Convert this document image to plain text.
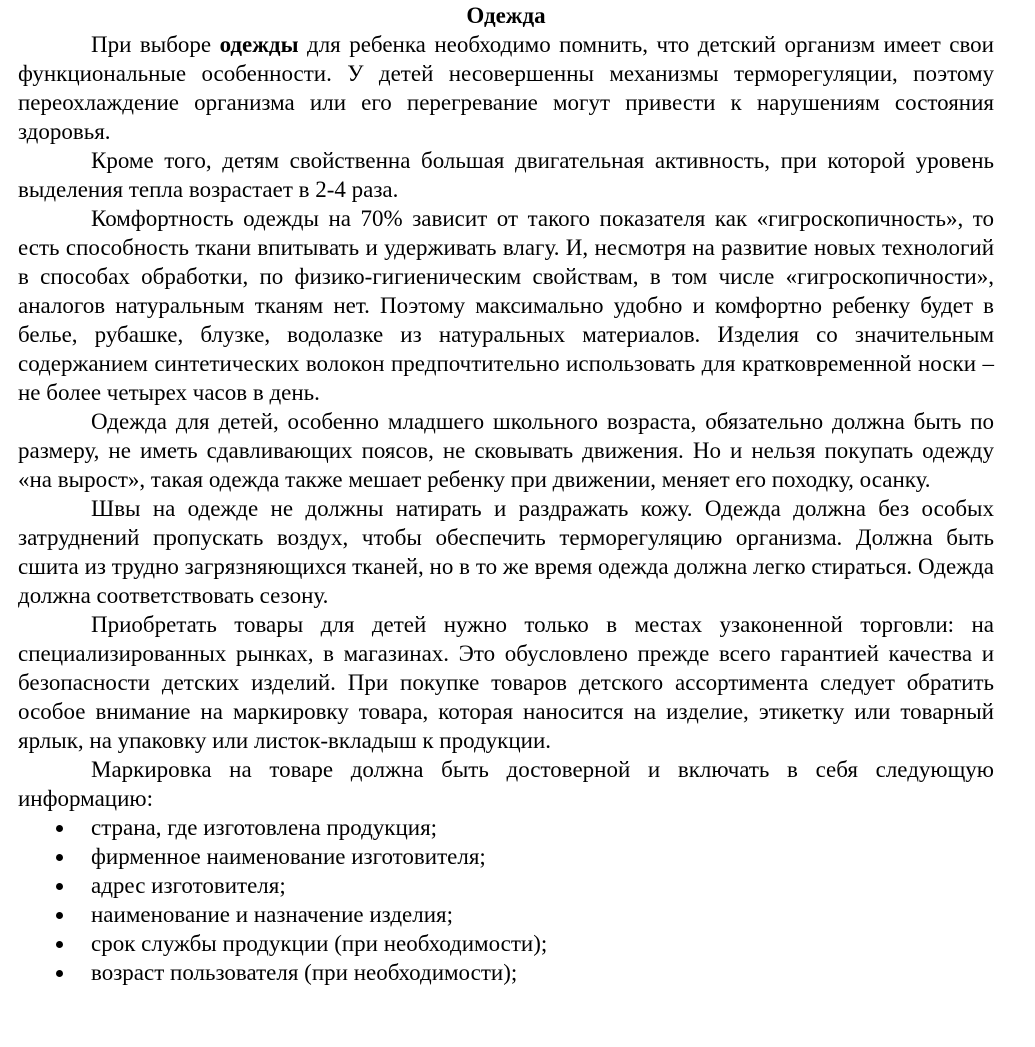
Одежда

При выборе одежды для ребенка необходимо помнить, что детский организм имеет свои функциональные особенности. У детей несовершенны механизмы терморегуляции, поэтому переохлаждение организма или его перегревание могут привести к нарушениям состояния здоровья.

Кроме того, детям свойственна большая двигательная активность, при которой уровень выделения тепла возрастает в 2-4 раза.

Комфортность одежды на 70% зависит от такого показателя как «гигроскопичность», то есть способность ткани впитывать и удерживать влагу. И, несмотря на развитие новых технологий в способах обработки, по физико-гигиеническим свойствам, в том числе «гигроскопичности», аналогов натуральным тканям нет. Поэтому максимально удобно и комфортно ребенку будет в белье, рубашке, блузке, водолазке из натуральных материалов. Изделия со значительным содержанием синтетических волокон предпочтительно использовать для кратковременной носки – не более четырех часов в день.

Одежда для детей, особенно младшего школьного возраста, обязательно должна быть по размеру, не иметь сдавливающих поясов, не сковывать движения. Но и нельзя покупать одежду «на вырост», такая одежда также мешает ребенку при движении, меняет его походку, осанку.

Швы на одежде не должны натирать и раздражать кожу. Одежда должна без особых затруднений пропускать воздух, чтобы обеспечить терморегуляцию организма. Должна быть сшита из трудно загрязняющихся тканей, но в то же время одежда должна легко стираться. Одежда должна соответствовать сезону.

Приобретать товары для детей нужно только в местах узаконенной торговли: на специализированных рынках, в магазинах. Это обусловлено прежде всего гарантией качества и безопасности детских изделий. При покупке товаров детского ассортимента следует обратить особое внимание на маркировку товара, которая наносится на изделие, этикетку или товарный ярлык, на упаковку или листок-вкладыш к продукции.

Маркировка на товаре должна быть достоверной и включать в себя следующую информацию:

страна, где изготовлена продукция;
фирменное наименование изготовителя;
адрес изготовителя;
наименование и назначение изделия;
срок службы продукции (при необходимости);
возраст пользователя (при необходимости);
